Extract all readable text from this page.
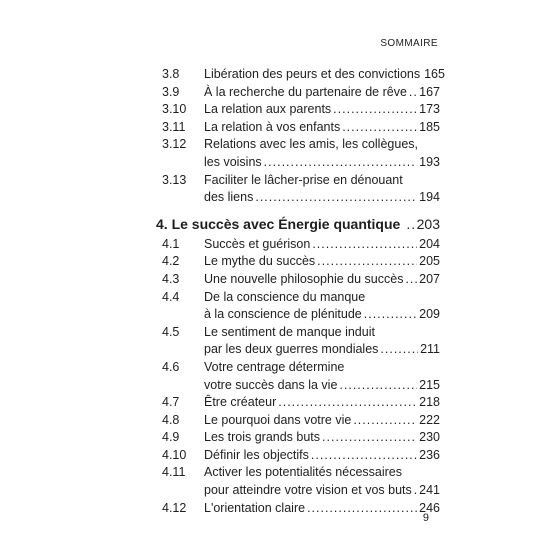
SOMMAIRE
3.8	Libération des peurs et des convictions 165
3.9	À la recherche du partenaire de rêve ..... 167
3.10	La relation aux parents .....	173
3.11	La relation à vos enfants .....	185
3.12	Relations avec les amis, les collègues,
les voisins .....	193
3.13	Faciliter le lâcher-prise en dénouant
des liens .....	194
4. Le succès avec Énergie quantique ..... 203
4.1	Succès et guérison .....	204
4.2	Le mythe du succès .....	205
4.3	Une nouvelle philosophie du succès ..... 207
4.4	De la conscience du manque
à la conscience de plénitude .....	209
4.5	Le sentiment de manque induit
par les deux guerres mondiales .....	211
4.6	Votre centrage détermine
votre succès dans la vie .....	215
4.7	Être créateur .....	218
4.8	Le pourquoi dans votre vie .....	222
4.9	Les trois grands buts .....	230
4.10	Définir les objectifs .....	236
4.11	Activer les potentialités nécessaires
pour atteindre votre vision et vos buts ..... 241
4.12	L'orientation claire .....	246
9
